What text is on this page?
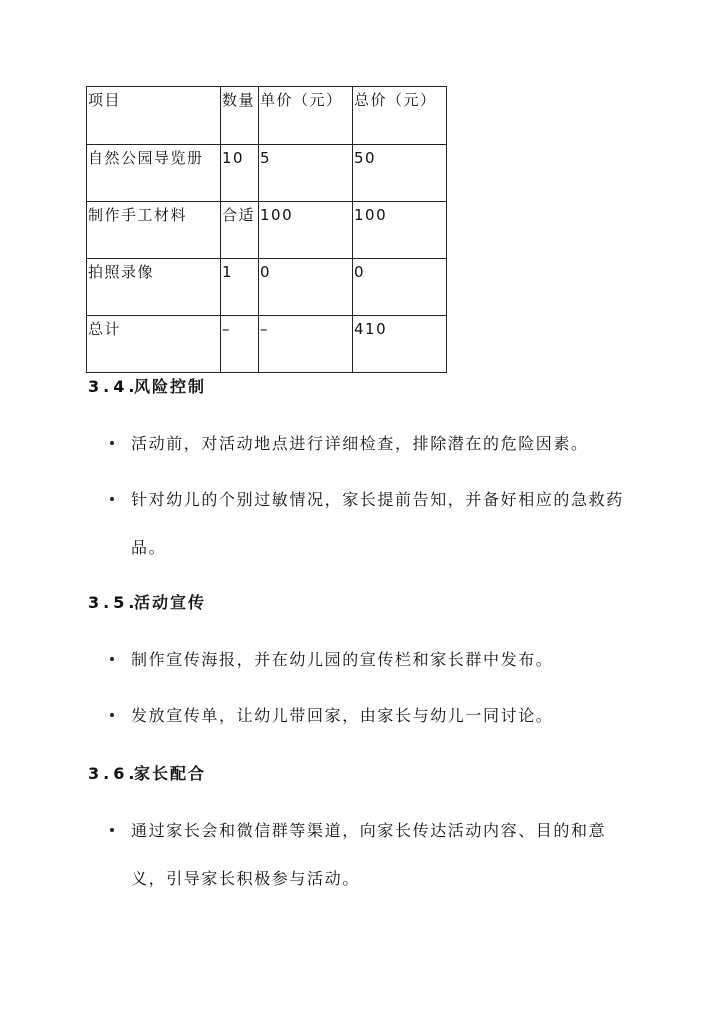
项目	数量	单价（元）	总价（元）
自然公园导览册	10	5	50
制作手工材料	合适	100	100
拍照录像	1	0	0
总计	–	–	410
3.4.风险控制
活动前，对活动地点进行详细检查，排除潜在的危险因素。
针对幼儿的个别过敏情况，家长提前告知，并备好相应的急救药品。
3.5.活动宣传
制作宣传海报，并在幼儿园的宣传栏和家长群中发布。
发放宣传单，让幼儿带回家，由家长与幼儿一同讨论。
3.6.家长配合
通过家长会和微信群等渠道，向家长传达活动内容、目的和意义，引导家长积极参与活动。
